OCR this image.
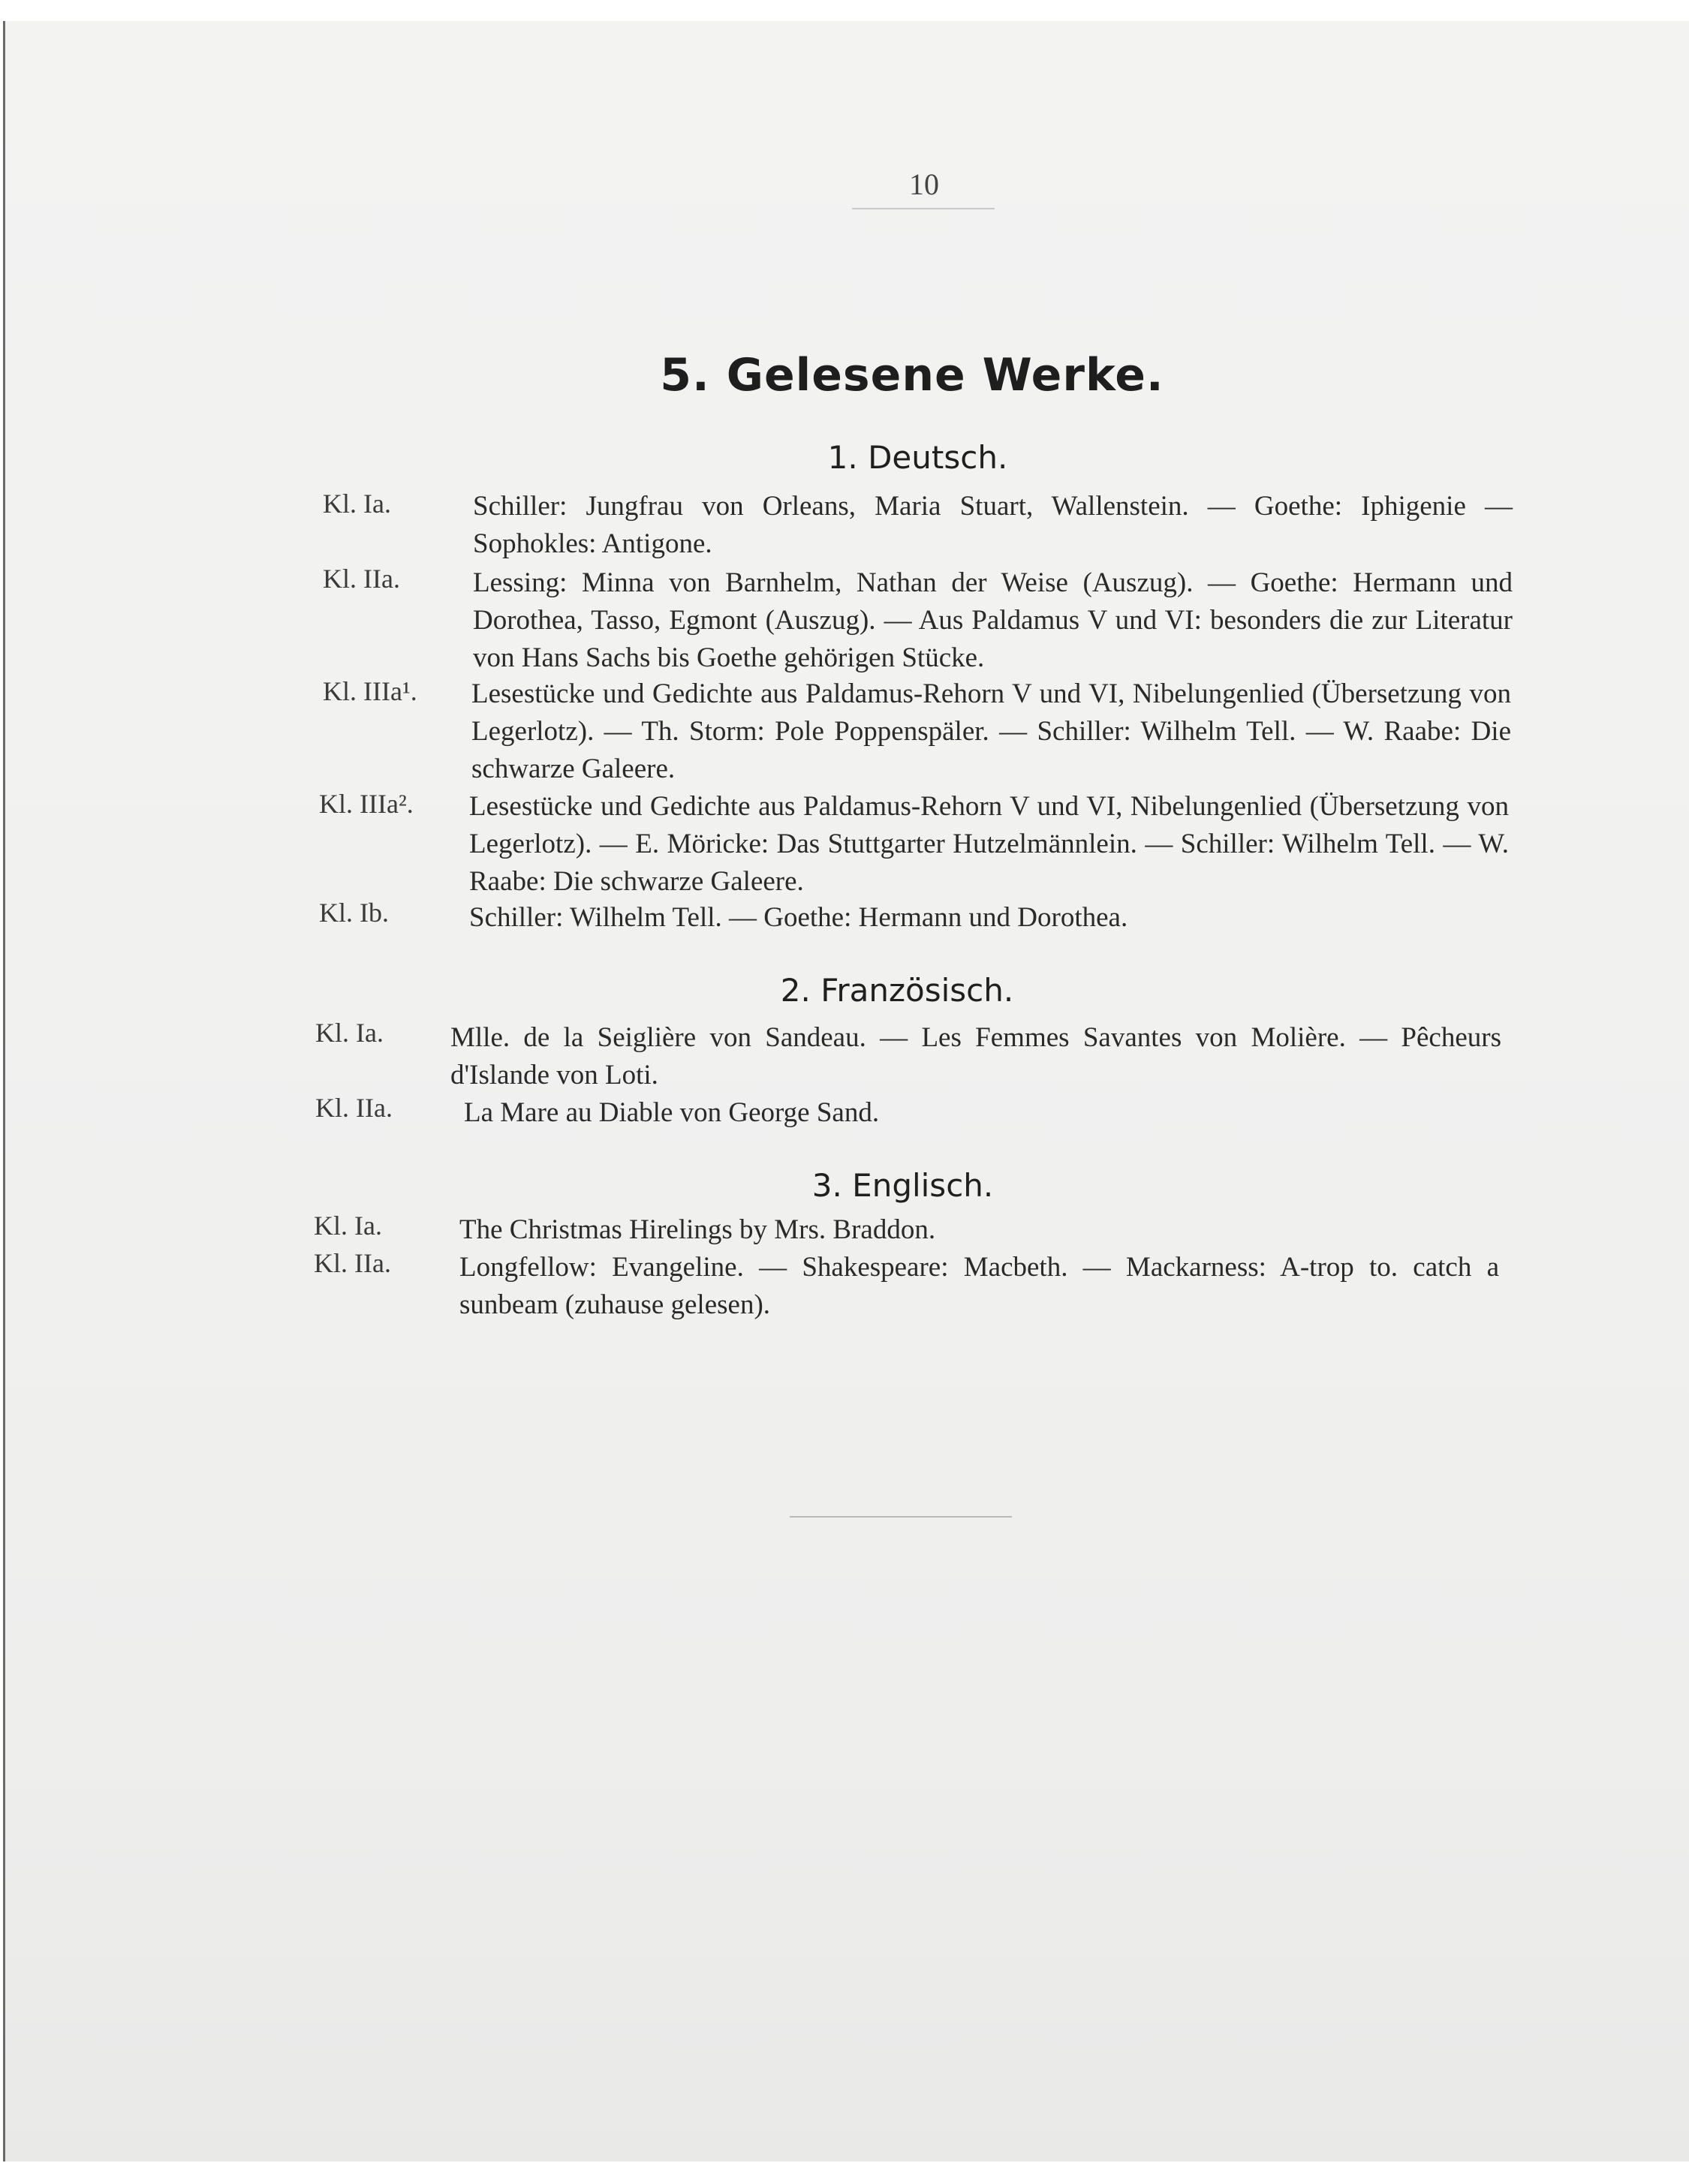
10
5. Gelesene Werke.
1. Deutsch.
Kl. Ia.	Schiller: Jungfrau von Orleans, Maria Stuart, Wallenstein. — Goethe: Iphigenie — Sophokles: Antigone.
Kl. IIa.	Lessing: Minna von Barnhelm, Nathan der Weise (Auszug). — Goethe: Hermann und Dorothea, Tasso, Egmont (Auszug). — Aus Paldamus V und VI: besonders die zur Literatur von Hans Sachs bis Goethe gehörigen Stücke.
Kl. IIIa¹. Lesestücke und Gedichte aus Paldamus-Rehorn V und VI, Nibelungenlied (Übersetzung von Legerlotz). — Th. Storm: Pole Poppenspäler. — Schiller: Wilhelm Tell. — W. Raabe: Die schwarze Galeere.
Kl. IIIa². Lesestücke und Gedichte aus Paldamus-Rehorn V und VI, Nibelungenlied (Übersetzung von Legerlotz). — E. Möricke: Das Stuttgarter Hutzelmännlein. — Schiller: Wilhelm Tell. — W. Raabe: Die schwarze Galeere.
Kl. Ib.	Schiller: Wilhelm Tell. — Goethe: Hermann und Dorothea.
2. Französisch.
Kl. Ia. Mlle. de la Seiglière von Sandeau. — Les Femmes Savantes von Molière. — Pêcheurs d'Islande von Loti.
Kl. IIa.	La Mare au Diable von George Sand.
3. Englisch.
Kl. Ia.	The Christmas Hirelings by Mrs. Braddon.
Kl. IIa. Longfellow: Evangeline. — Shakespeare: Macbeth. — Mackarness: A-trop to. catch a sunbeam (zuhause gelesen).
